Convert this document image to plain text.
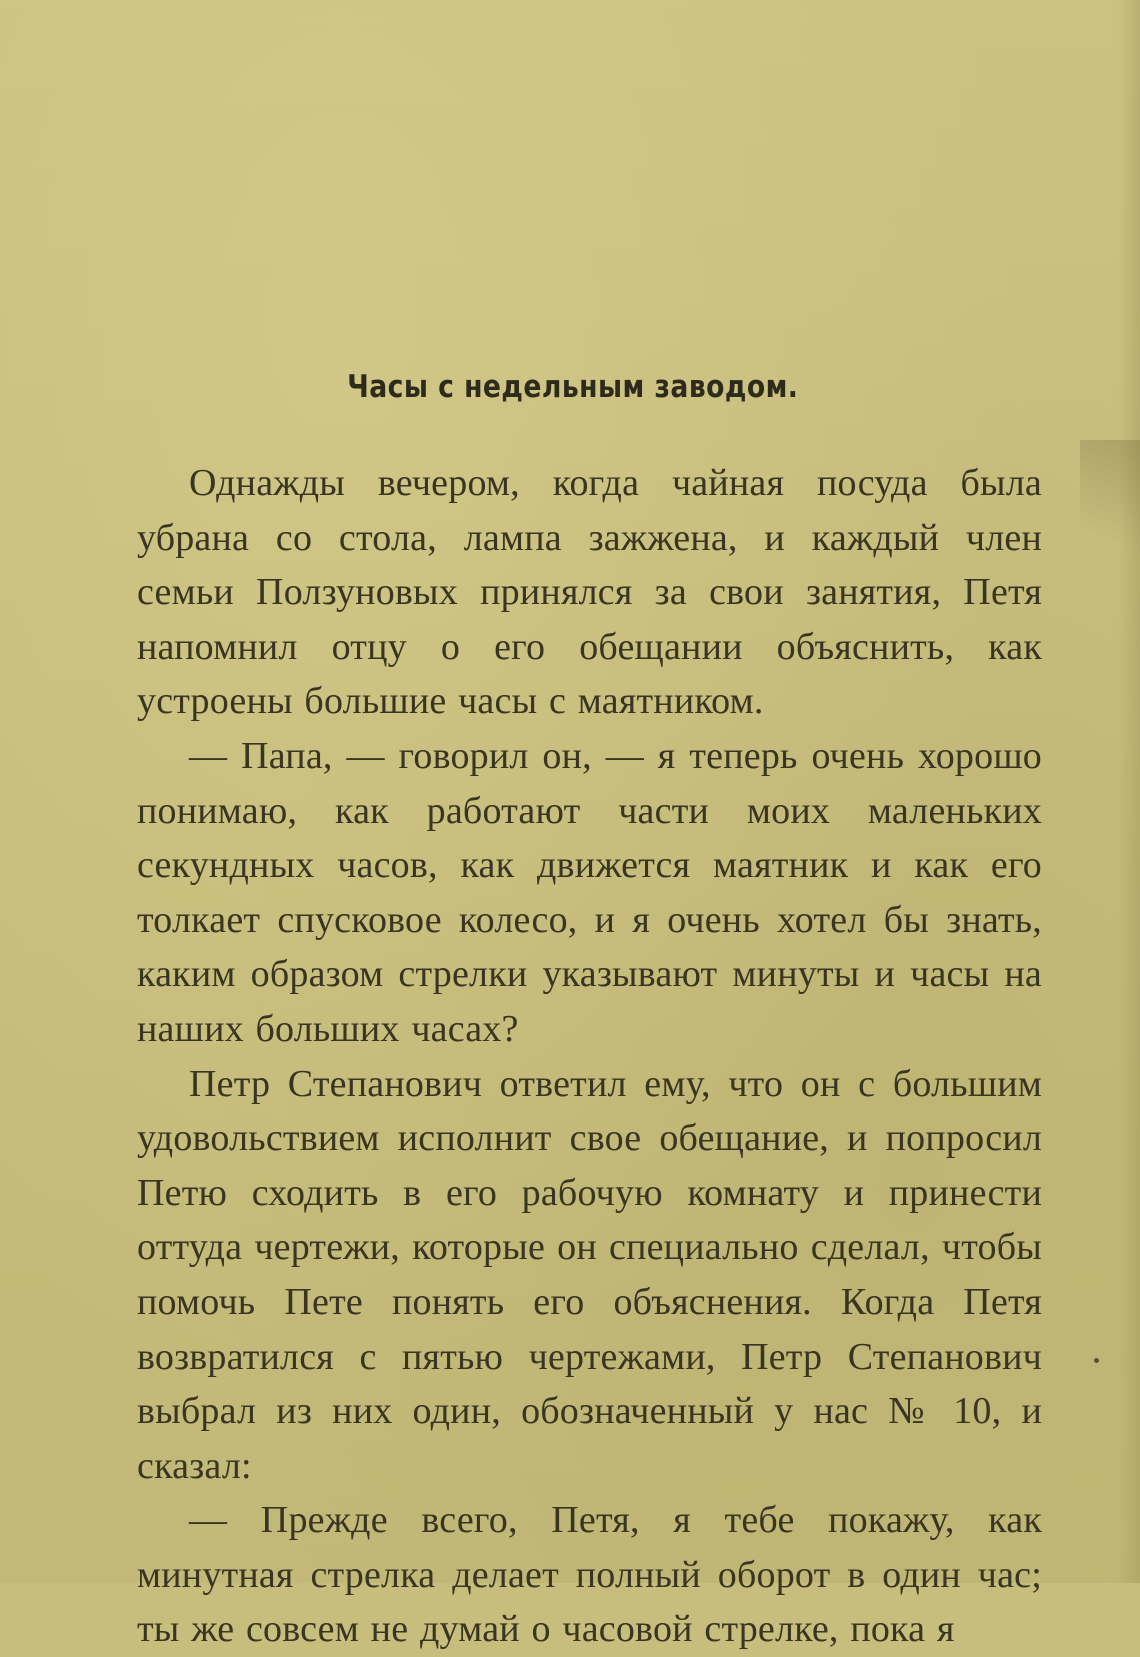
Часы с недельным заводом.

Однажды вечером, когда чайная посуда была убрана со стола, лампа зажжена, и каждый член семьи Ползуновых принялся за свои занятия, Петя напомнил отцу о его обещании объяснить, как устроены большие часы с маятником.

— Папа, — говорил он, — я теперь очень хорошо понимаю, как работают части моих маленьких секундных часов, как движется маятник и как его толкает спусковое колесо, и я очень хотел бы знать, каким образом стрелки указывают минуты и часы на наших больших часах?

Петр Степанович ответил ему, что он с большим удовольствием исполнит свое обещание, и попросил Петю сходить в его рабочую комнату и принести оттуда чертежи, которые он специально сделал, чтобы помочь Пете понять его объяснения. Когда Петя возвратился с пятью чертежами, Петр Степанович выбрал из них один, обозначенный у нас № 10, и сказал:

— Прежде всего, Петя, я тебе покажу, как минутная стрелка делает полный оборот в один час; ты же совсем не думай о часовой стрелке, пока я
